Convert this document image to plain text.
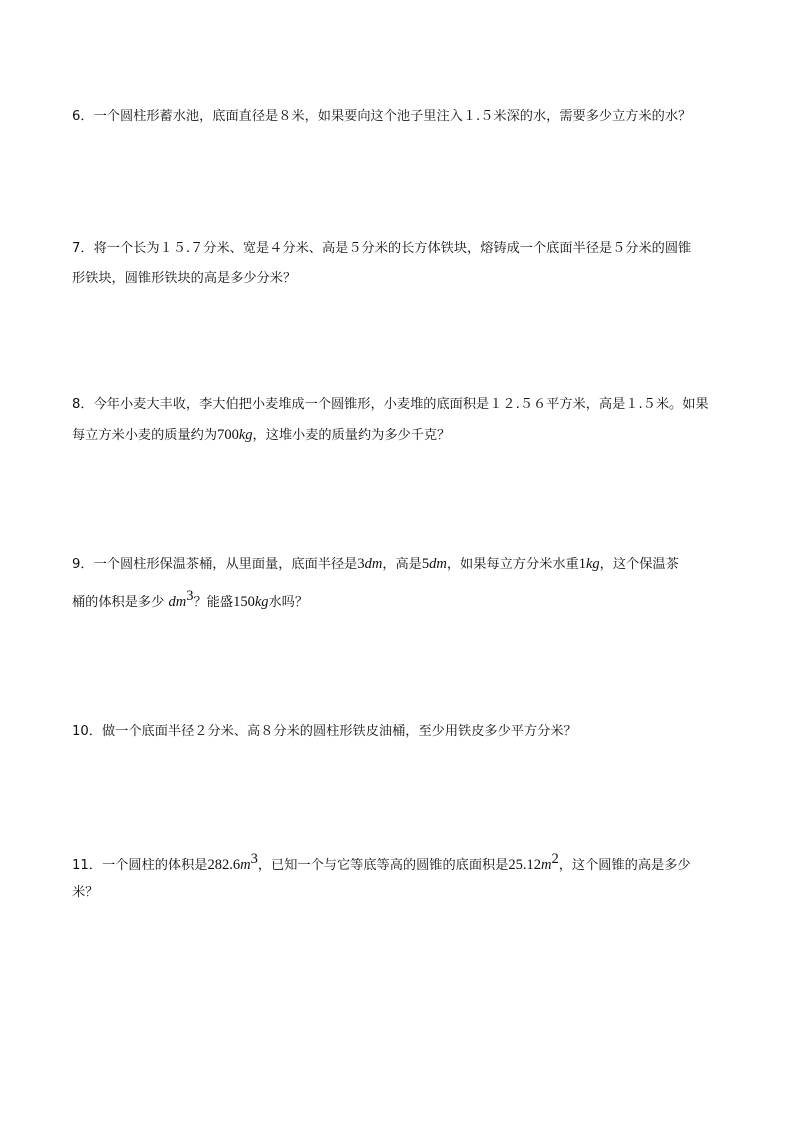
6．一个圆柱形蓄水池，底面直径是８米，如果要向这个池子里注入１.５米深的水，需要多少立方米的水？
7．将一个长为１５.７分米、宽是４分米、高是５分米的长方体铁块，熔铸成一个底面半径是５分米的圆锥
形铁块，圆锥形铁块的高是多少分米？
8．今年小麦大丰收，李大伯把小麦堆成一个圆锥形，小麦堆的底面积是１２.５６平方米，高是１.５米。如果
每立方米小麦的质量约为700kg，这堆小麦的质量约为多少千克？
9．一个圆柱形保温茶桶，从里面量，底面半径是3dm，高是5dm，如果每立方分米水重1kg，这个保温茶
桶的体积是多少 $dm^3$？能盛150kg水吗？
10．做一个底面半径２分米、高８分米的圆柱形铁皮油桶，至少用铁皮多少平方分米？
11．一个圆柱的体积是$282.6m^3$，已知一个与它等底等高的圆锥的底面积是$25.12m^2$，这个圆锥的高是多少
米？
